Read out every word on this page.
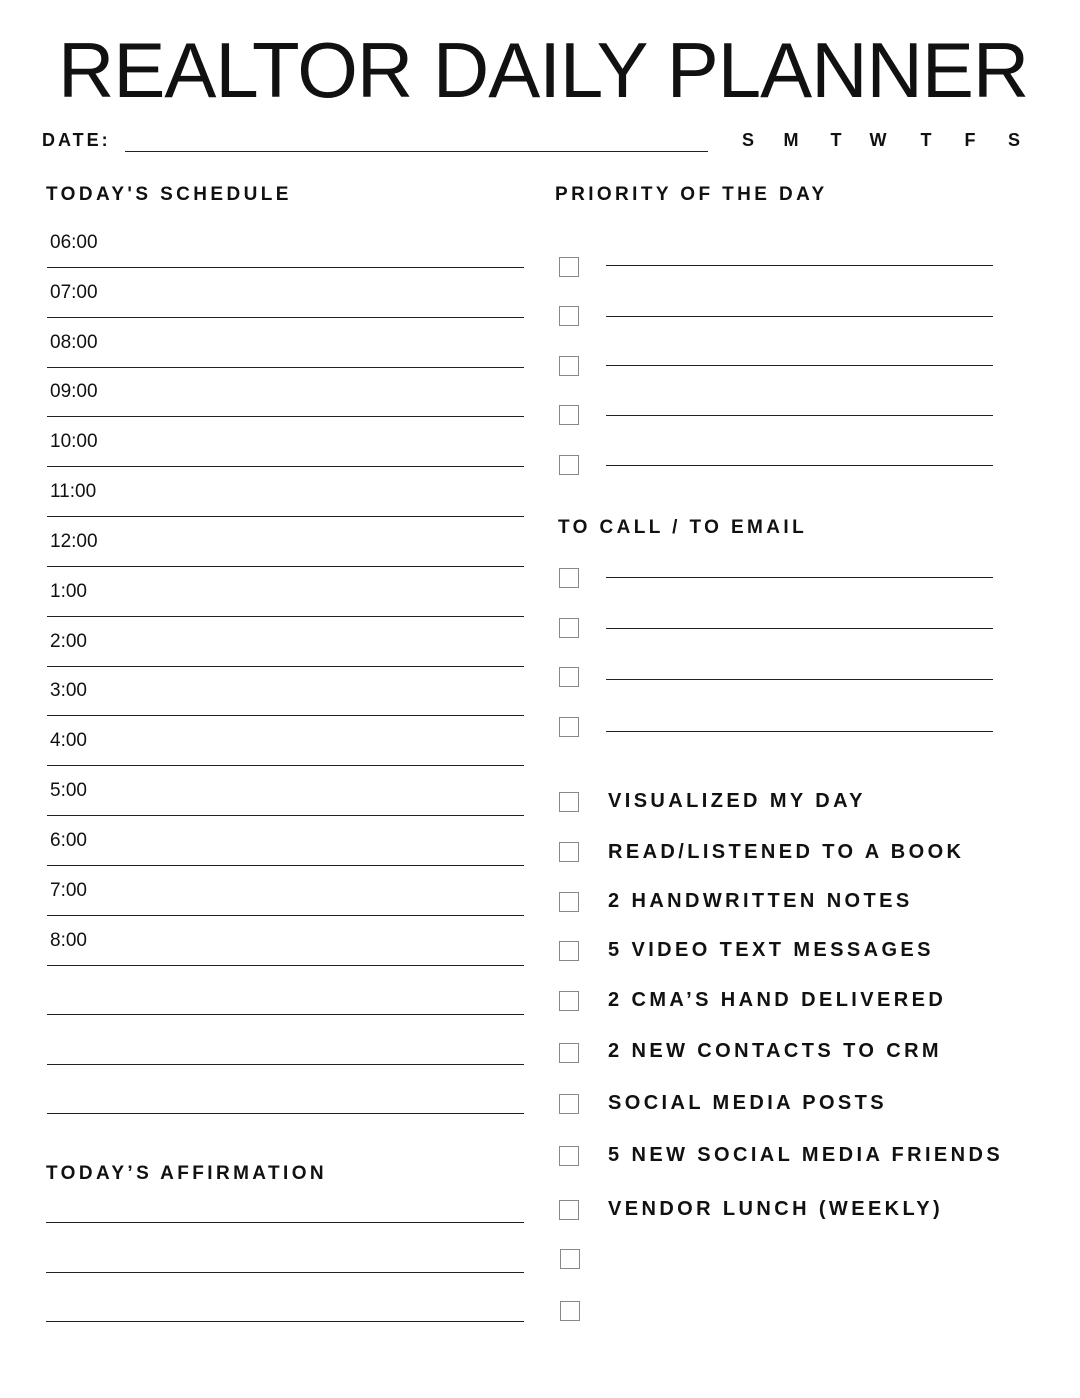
REALTOR DAILY PLANNER
DATE:	S M T W T F S
TODAY'S SCHEDULE
06:00
07:00
08:00
09:00
10:00
11:00
12:00
1:00
2:00
3:00
4:00
5:00
6:00
7:00
8:00
TODAY’S AFFIRMATION
PRIORITY OF THE DAY
TO CALL / TO EMAIL
VISUALIZED MY DAY
READ/LISTENED TO A BOOK
2 HANDWRITTEN NOTES
5 VIDEO TEXT MESSAGES
2 CMA’S HAND DELIVERED
2 NEW CONTACTS TO CRM
SOCIAL MEDIA POSTS
5 NEW SOCIAL MEDIA FRIENDS
VENDOR LUNCH (WEEKLY)
